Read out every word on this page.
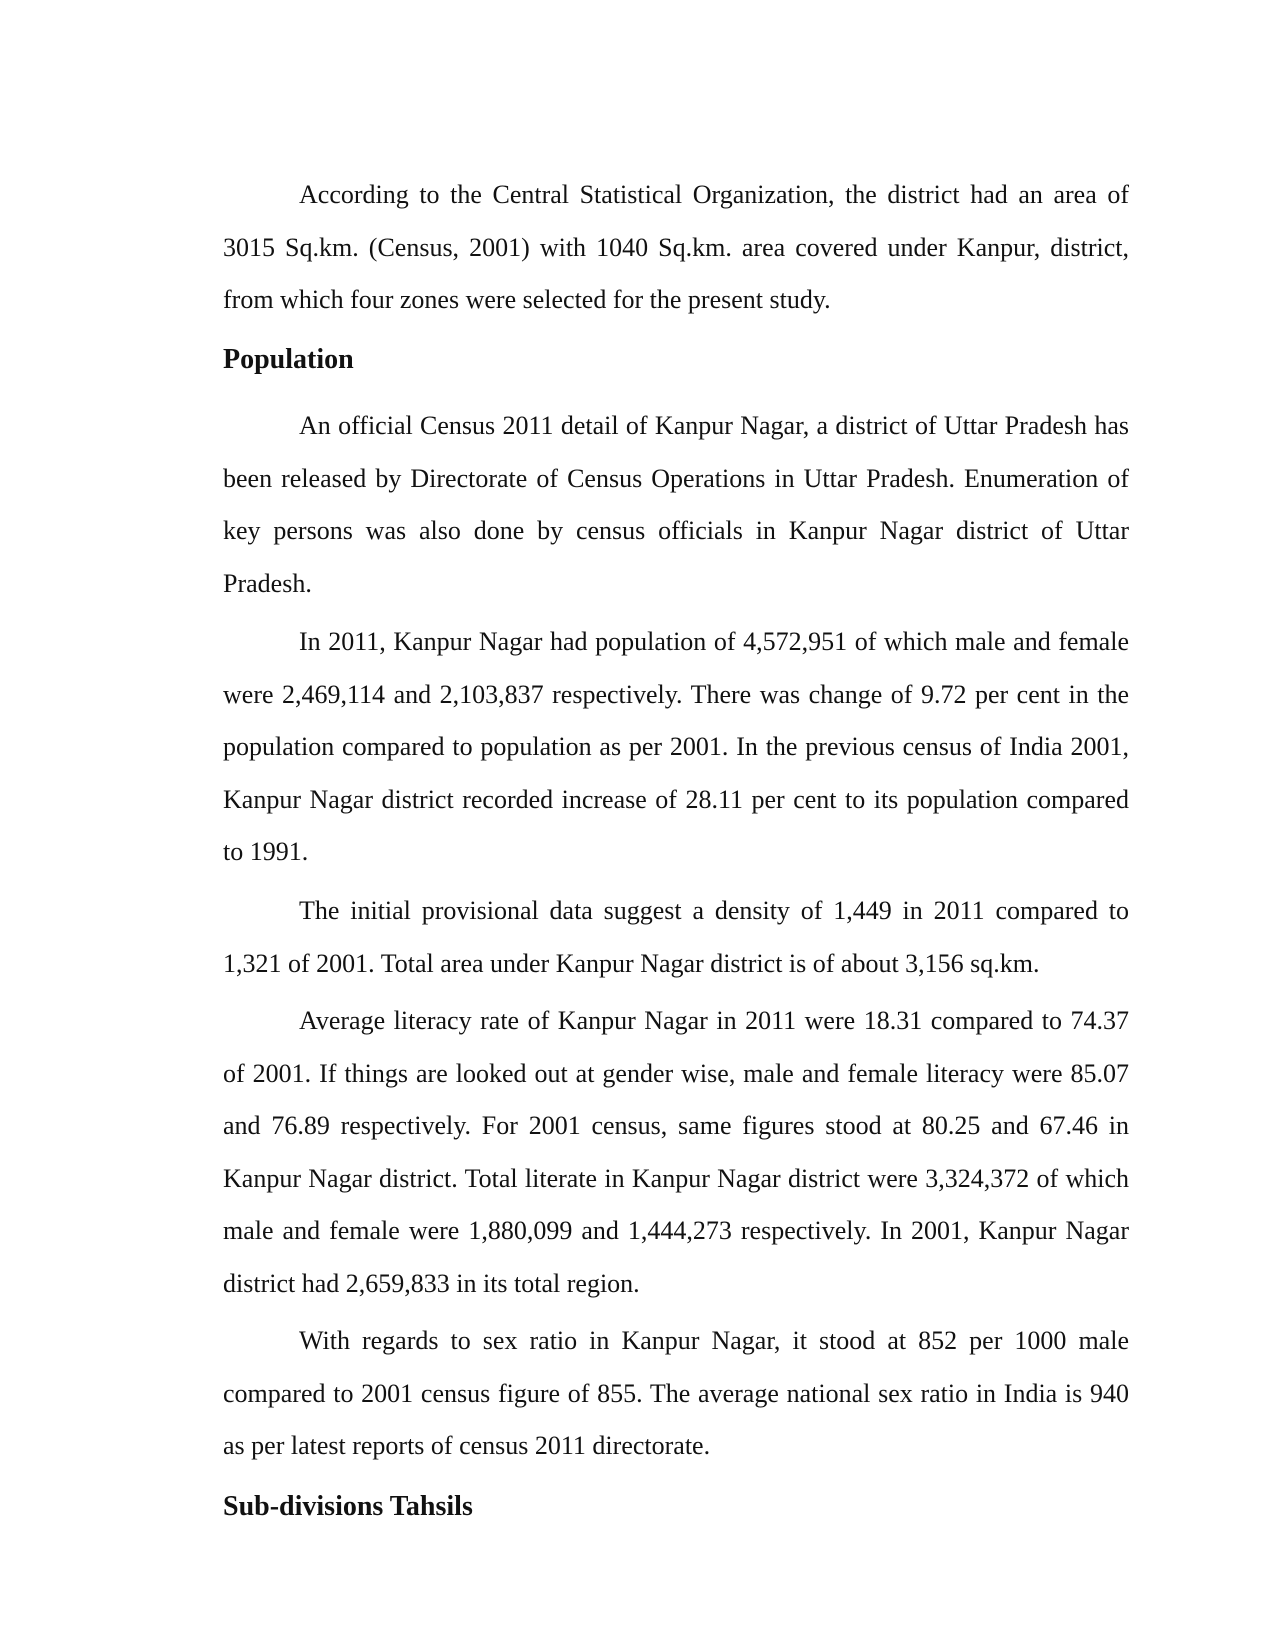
According to the Central Statistical Organization, the district had an area of 3015 Sq.km. (Census, 2001) with 1040 Sq.km. area covered under Kanpur, district, from which four zones were selected for the present study.

Population

An official Census 2011 detail of Kanpur Nagar, a district of Uttar Pradesh has been released by Directorate of Census Operations in Uttar Pradesh. Enumeration of key persons was also done by census officials in Kanpur Nagar district of Uttar Pradesh.

In 2011, Kanpur Nagar had population of 4,572,951 of which male and female were 2,469,114 and 2,103,837 respectively. There was change of 9.72 per cent in the population compared to population as per 2001. In the previous census of India 2001, Kanpur Nagar district recorded increase of 28.11 per cent to its population compared to 1991.

The initial provisional data suggest a density of 1,449 in 2011 compared to 1,321 of 2001. Total area under Kanpur Nagar district is of about 3,156 sq.km.

Average literacy rate of Kanpur Nagar in 2011 were 18.31 compared to 74.37 of 2001. If things are looked out at gender wise, male and female literacy were 85.07 and 76.89 respectively. For 2001 census, same figures stood at 80.25 and 67.46 in Kanpur Nagar district. Total literate in Kanpur Nagar district were 3,324,372 of which male and female were 1,880,099 and 1,444,273 respectively. In 2001, Kanpur Nagar district had 2,659,833 in its total region.

With regards to sex ratio in Kanpur Nagar, it stood at 852 per 1000 male compared to 2001 census figure of 855. The average national sex ratio in India is 940 as per latest reports of census 2011 directorate.

Sub-divisions Tahsils
